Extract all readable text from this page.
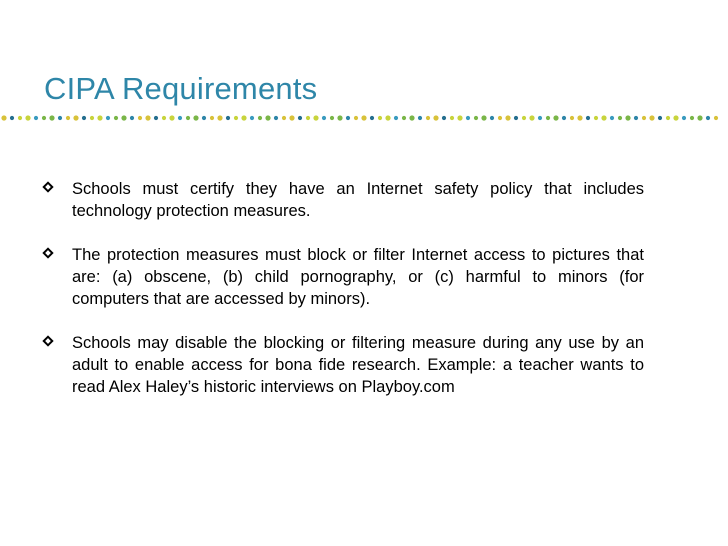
CIPA Requirements
Schools must certify they have an Internet safety policy that includes technology protection measures.
The protection measures must block or filter Internet access to pictures that are: (a) obscene, (b) child pornography, or (c) harmful to minors (for computers that are accessed by minors).
Schools may disable the blocking or filtering measure during any use by an adult to enable access for bona fide research. Example: a teacher wants to read Alex Haley’s historic interviews on Playboy.com
